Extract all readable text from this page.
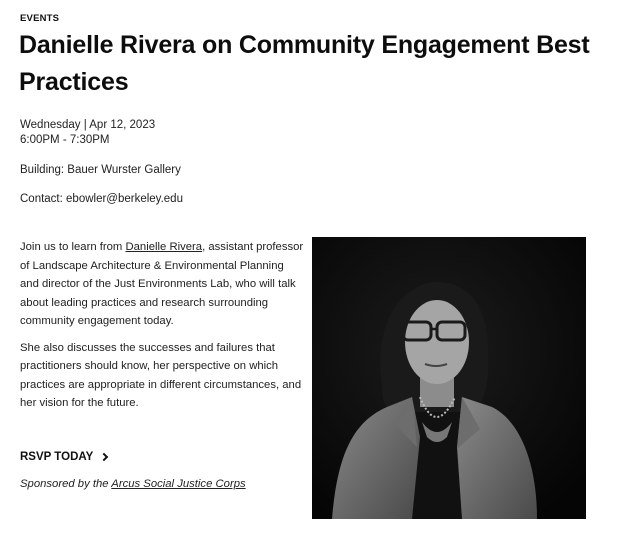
EVENTS
Danielle Rivera on Community Engagement Best Practices
Wednesday | Apr 12, 2023
6:00PM - 7:30PM
Building: Bauer Wurster Gallery
Contact: ebowler@berkeley.edu

Join us to learn from Danielle Rivera, assistant professor of Landscape Architecture & Environmental Planning and director of the Just Environments Lab, who will talk about leading practices and research surrounding community engagement today.

She also discusses the successes and failures that practitioners should know, her perspective on which practices are appropriate in different circumstances, and her vision for the future.

RSVP TODAY
Sponsored by the Arcus Social Justice Corps
